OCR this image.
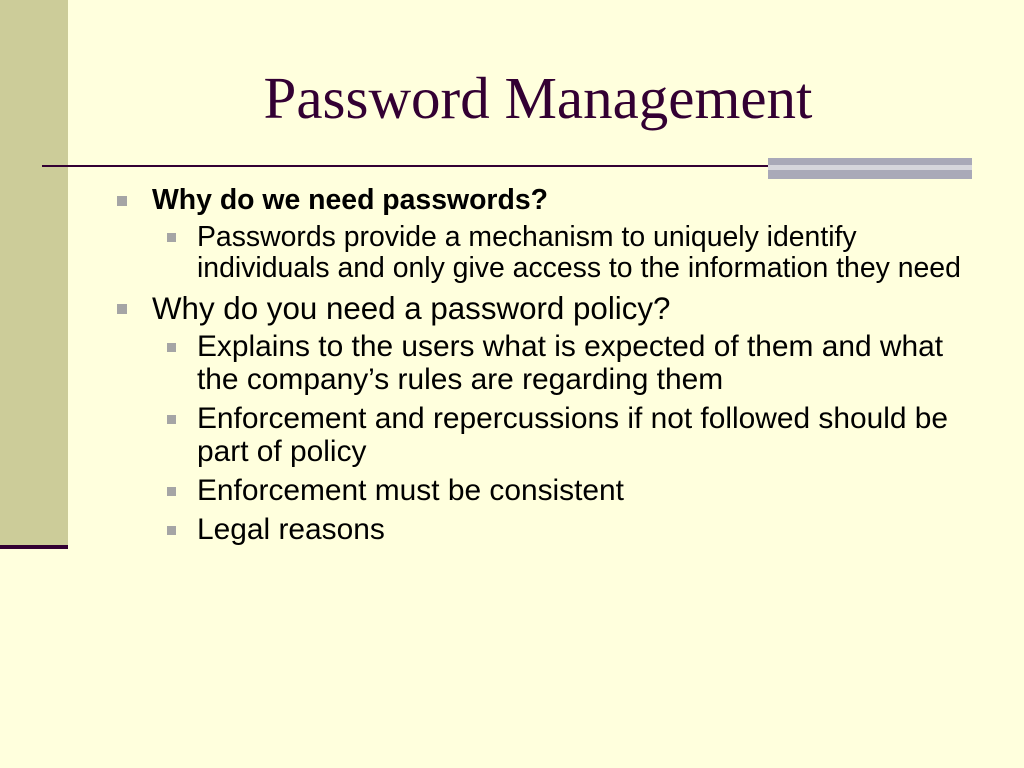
Password Management
Why do we need passwords?
Passwords provide a mechanism to uniquely identify individuals and only give access to the information they need
Why do you need a password policy?
Explains to the users what is expected of them and what the company’s rules are regarding them
Enforcement and repercussions if not followed should be part of policy
Enforcement must be consistent
Legal reasons
